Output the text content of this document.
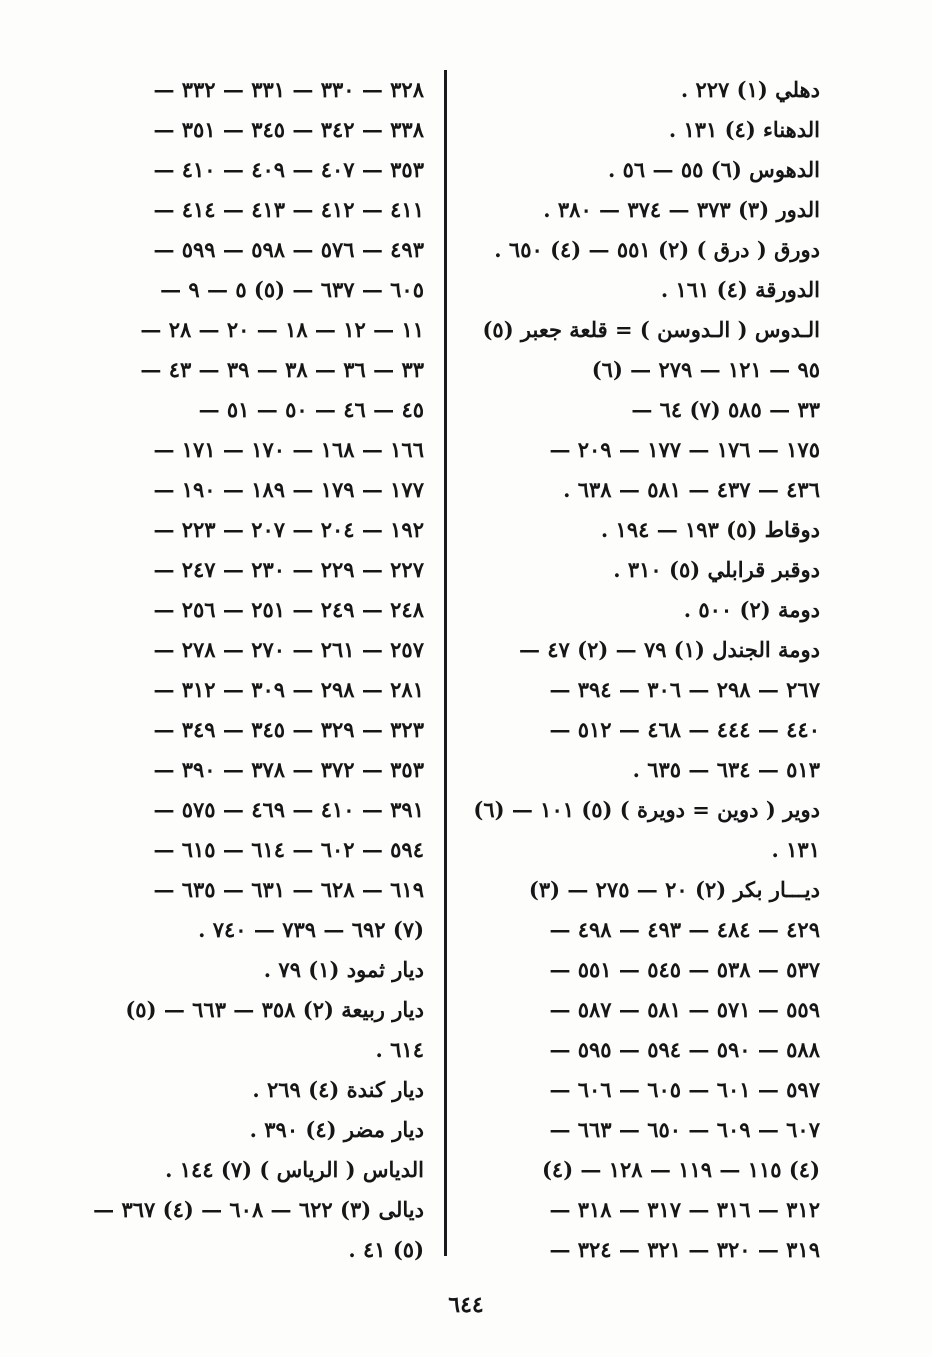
دهلي (١) ٢٢٧ .
الدهناء (٤) ١٣١ .
الدهوس (٦) ٥٥ — ٥٦ .
الدور (٣) ٣٧٣ — ٣٧٤ — ٣٨٠ .
دورق ( درق ) (٢) ٥٥١ — (٤) ٦٥٠ .
الدورقة (٤) ١٦١ .
الـدوس ( الـدوسن ) = قلعة جعبر (٥)
٩٥ — ١٢١ — ٢٧٩ — (٦)
٣٣ — ٥٨٥ (٧) ٦٤ —
١٧٥ — ١٧٦ — ١٧٧ — ٢٠٩ —
٤٣٦ — ٤٣٧ — ٥٨١ — ٦٣٨ .
دوقاط (٥) ١٩٣ — ١٩٤ .
دوقبر قرابلي (٥) ٣١٠ .
دومة (٢) ٥٠٠ .
دومة الجندل (١) ٧٩ — (٢) ٤٧ —
٢٦٧ — ٢٩٨ — ٣٠٦ — ٣٩٤ —
٤٤٠ — ٤٤٤ — ٤٦٨ — ٥١٢ —
٥١٣ — ٦٣٤ — ٦٣٥ .
دوير ( دوين = دويرة ) (٥) ١٠١ — (٦)
١٣١ .
ديـــار بكر (٢) ٢٠ — ٢٧٥ — (٣)
٤٢٩ — ٤٨٤ — ٤٩٣ — ٤٩٨ —
٥٣٧ — ٥٣٨ — ٥٤٥ — ٥٥١ —
٥٥٩ — ٥٧١ — ٥٨١ — ٥٨٧ —
٥٨٨ — ٥٩٠ — ٥٩٤ — ٥٩٥ —
٥٩٧ — ٦٠١ — ٦٠٥ — ٦٠٦ —
٦٠٧ — ٦٠٩ — ٦٥٠ — ٦٦٣ —
(٤) ١١٥ — ١١٩ — ١٢٨ — (٤)
٣١٢ — ٣١٦ — ٣١٧ — ٣١٨ —
٣١٩ — ٣٢٠ — ٣٢١ — ٣٢٤ —
٣٢٨ — ٣٣٠ — ٣٣١ — ٣٣٢ —
٣٣٨ — ٣٤٢ — ٣٤٥ — ٣٥١ —
٣٥٣ — ٤٠٧ — ٤٠٩ — ٤١٠ —
٤١١ — ٤١٢ — ٤١٣ — ٤١٤ —
٤٩٣ — ٥٧٦ — ٥٩٨ — ٥٩٩ —
٦٠٥ — ٦٣٧ — (٥) ٥ — ٩ —
١١ — ١٢ — ١٨ — ٢٠ — ٢٨ —
٣٣ — ٣٦ — ٣٨ — ٣٩ — ٤٣ —
٤٥ — ٤٦ — ٥٠ — ٥١ —
١٦٦ — ١٦٨ — ١٧٠ — ١٧١ —
١٧٧ — ١٧٩ — ١٨٩ — ١٩٠ —
١٩٢ — ٢٠٤ — ٢٠٧ — ٢٢٣ —
٢٢٧ — ٢٢٩ — ٢٣٠ — ٢٤٧ —
٢٤٨ — ٢٤٩ — ٢٥١ — ٢٥٦ —
٢٥٧ — ٢٦١ — ٢٧٠ — ٢٧٨ —
٢٨١ — ٢٩٨ — ٣٠٩ — ٣١٢ —
٣٢٣ — ٣٢٩ — ٣٤٥ — ٣٤٩ —
٣٥٣ — ٣٧٢ — ٣٧٨ — ٣٩٠ —
٣٩١ — ٤١٠ — ٤٦٩ — ٥٧٥ —
٥٩٤ — ٦٠٢ — ٦١٤ — ٦١٥ —
٦١٩ — ٦٢٨ — ٦٣١ — ٦٣٥ —
(٧) ٦٩٢ — ٧٣٩ — ٧٤٠ .
ديار ثمود (١) ٧٩ .
ديار ربيعة (٢) ٣٥٨ — ٦٦٣ — (٥)
٦١٤ .
ديار كندة (٤) ٢٦٩ .
ديار مضر (٤) ٣٩٠ .
الدياس ( الرياس ) (٧) ١٤٤ .
ديالى (٣) ٦٢٢ — ٦٠٨ — (٤) ٣٦٧ —
(٥) ٤١ .
٦٤٤
